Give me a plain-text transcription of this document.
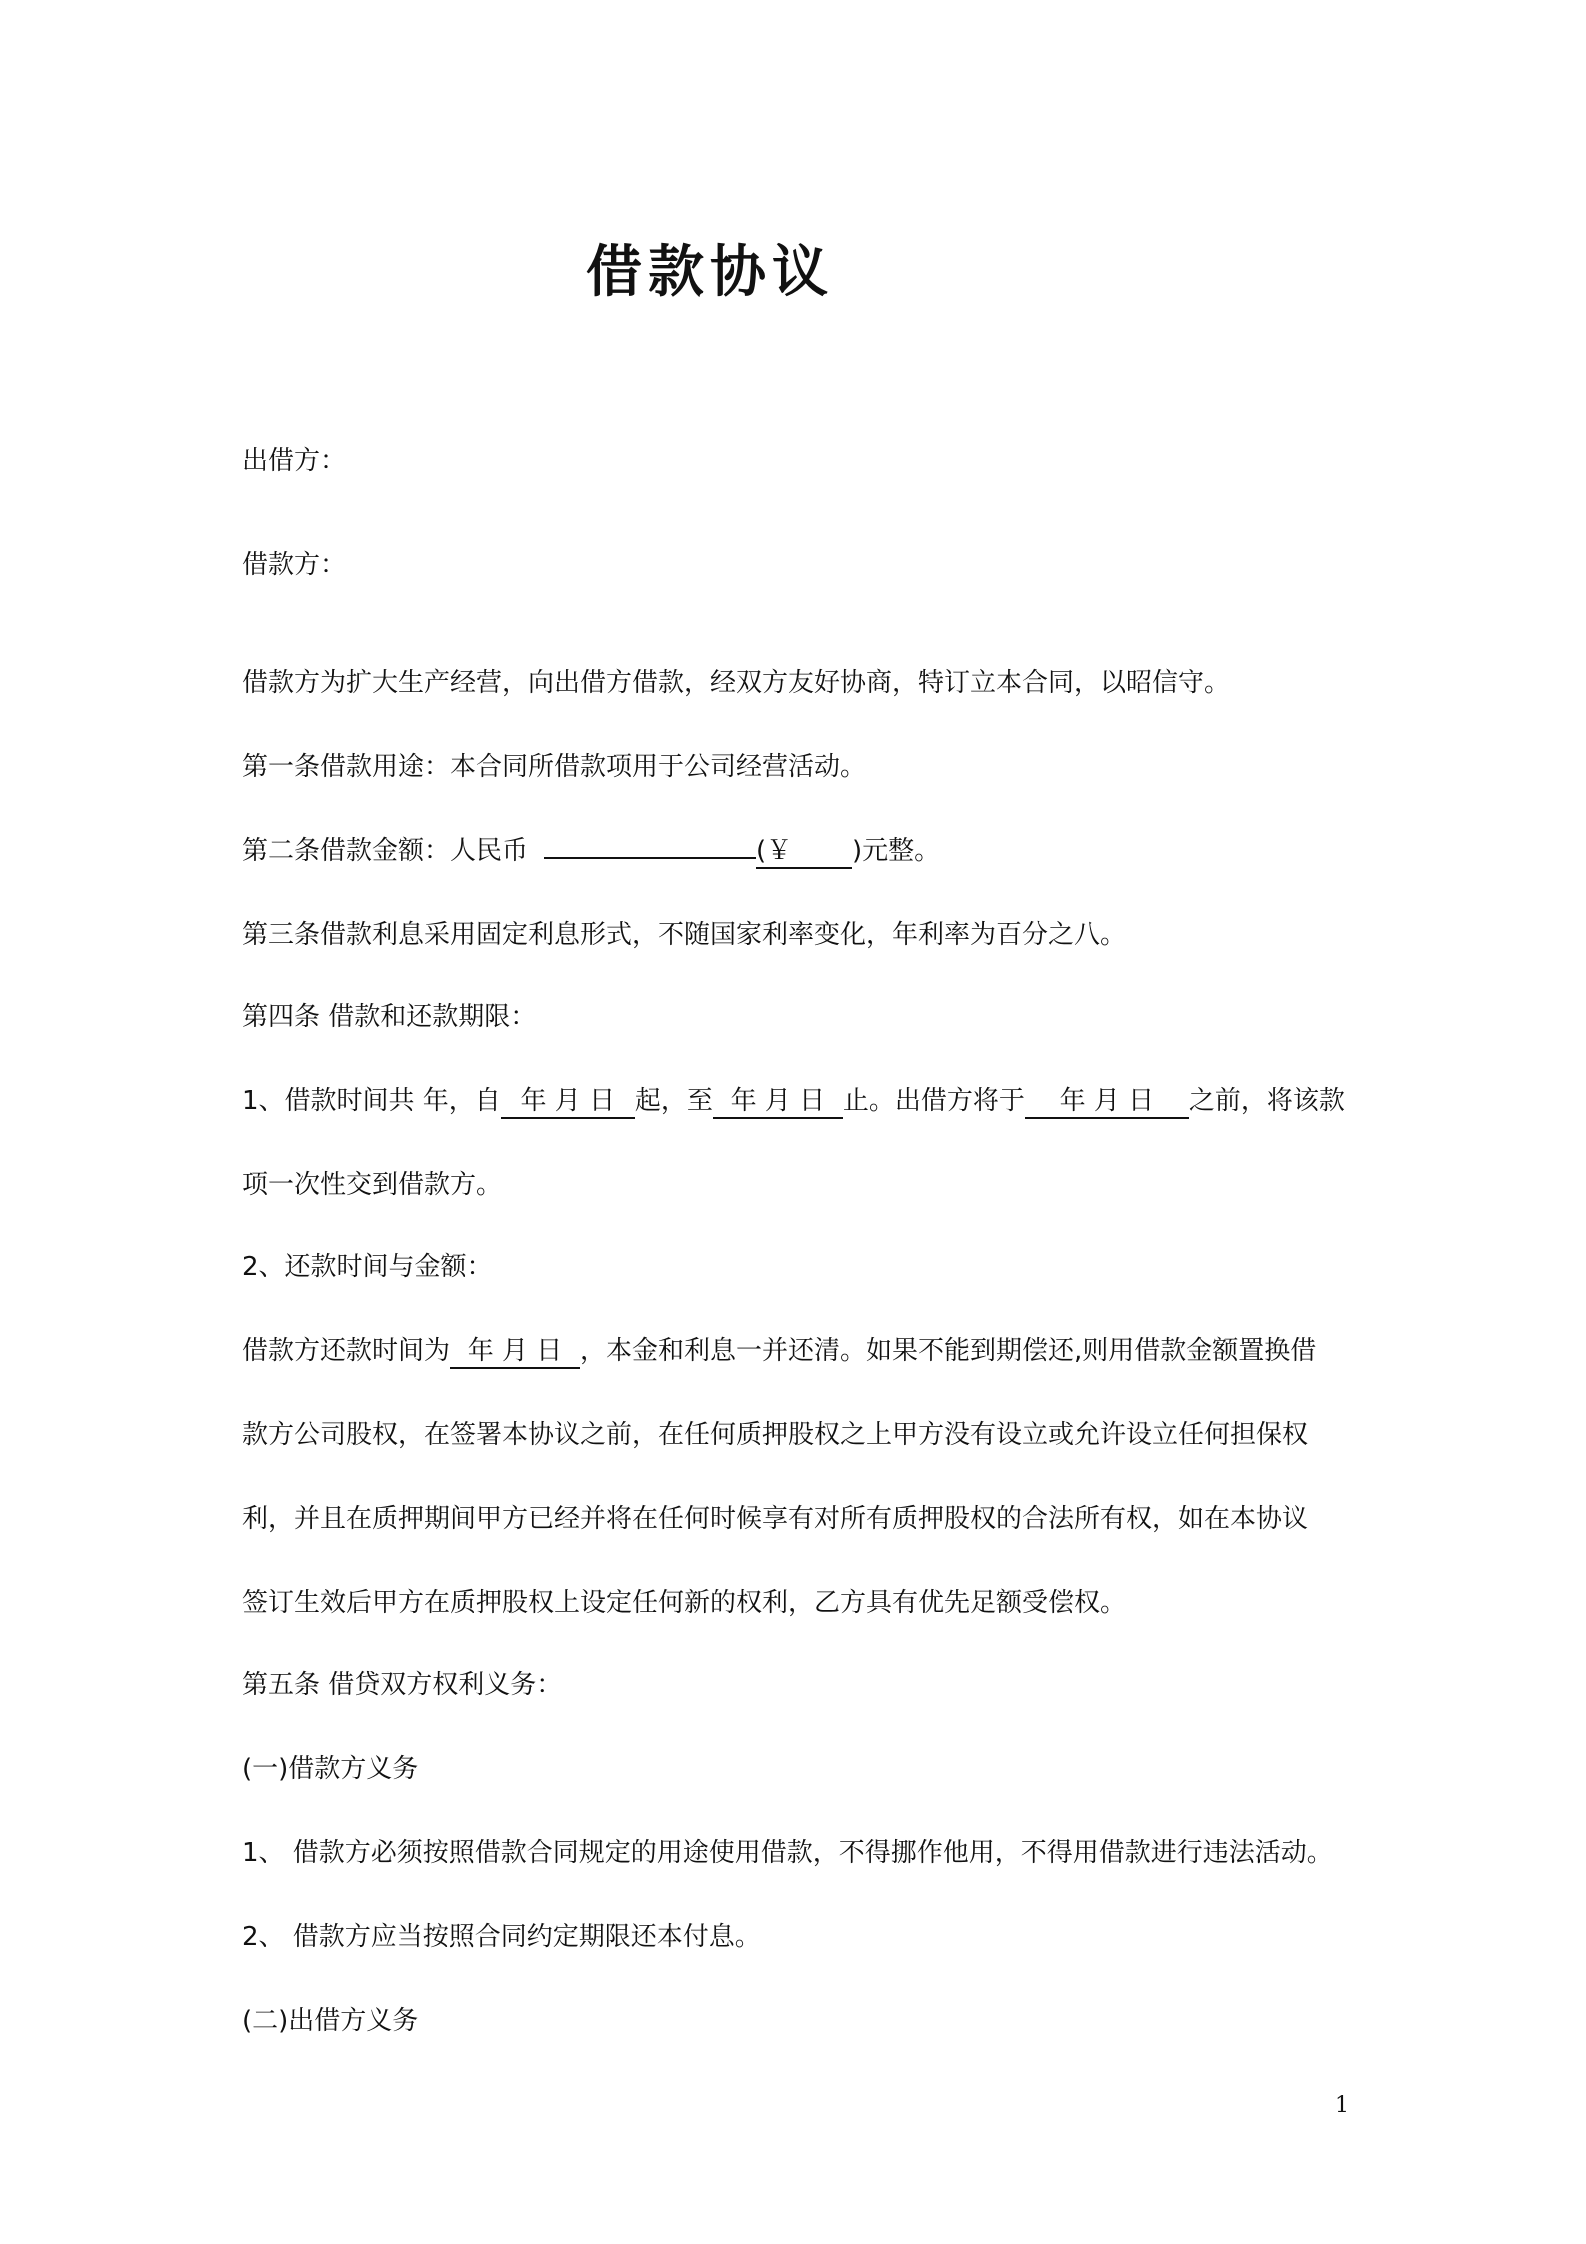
借款协议
出借方：
借款方：
借款方为扩大生产经营，向出借方借款，经双方友好协商，特订立本合同，以昭信守。
第一条借款用途：本合同所借款项用于公司经营活动。
第二条借款金额：人民币	(￥ )元整。
第三条借款利息采用固定利息形式，不随国家利率变化，年利率为百分之八。
第四条 借款和还款期限：
1、借款时间共 年，自 年 月 日 起，至 年 月 日 止。出借方将于 年 月 日 之前，将该款
项一次性交到借款方。
2、还款时间与金额：
借款方还款时间为 年 月 日 ，本金和利息一并还清。如果不能到期偿还,则用借款金额置换借
款方公司股权，在签署本协议之前，在任何质押股权之上甲方没有设立或允许设立任何担保权
利，并且在质押期间甲方已经并将在任何时候享有对所有质押股权的合法所有权，如在本协议
签订生效后甲方在质押股权上设定任何新的权利，乙方具有优先足额受偿权。
第五条 借贷双方权利义务：
(一)借款方义务
1、 借款方必须按照借款合同规定的用途使用借款，不得挪作他用，不得用借款进行违法活动。
2、 借款方应当按照合同约定期限还本付息。
(二)出借方义务
1
